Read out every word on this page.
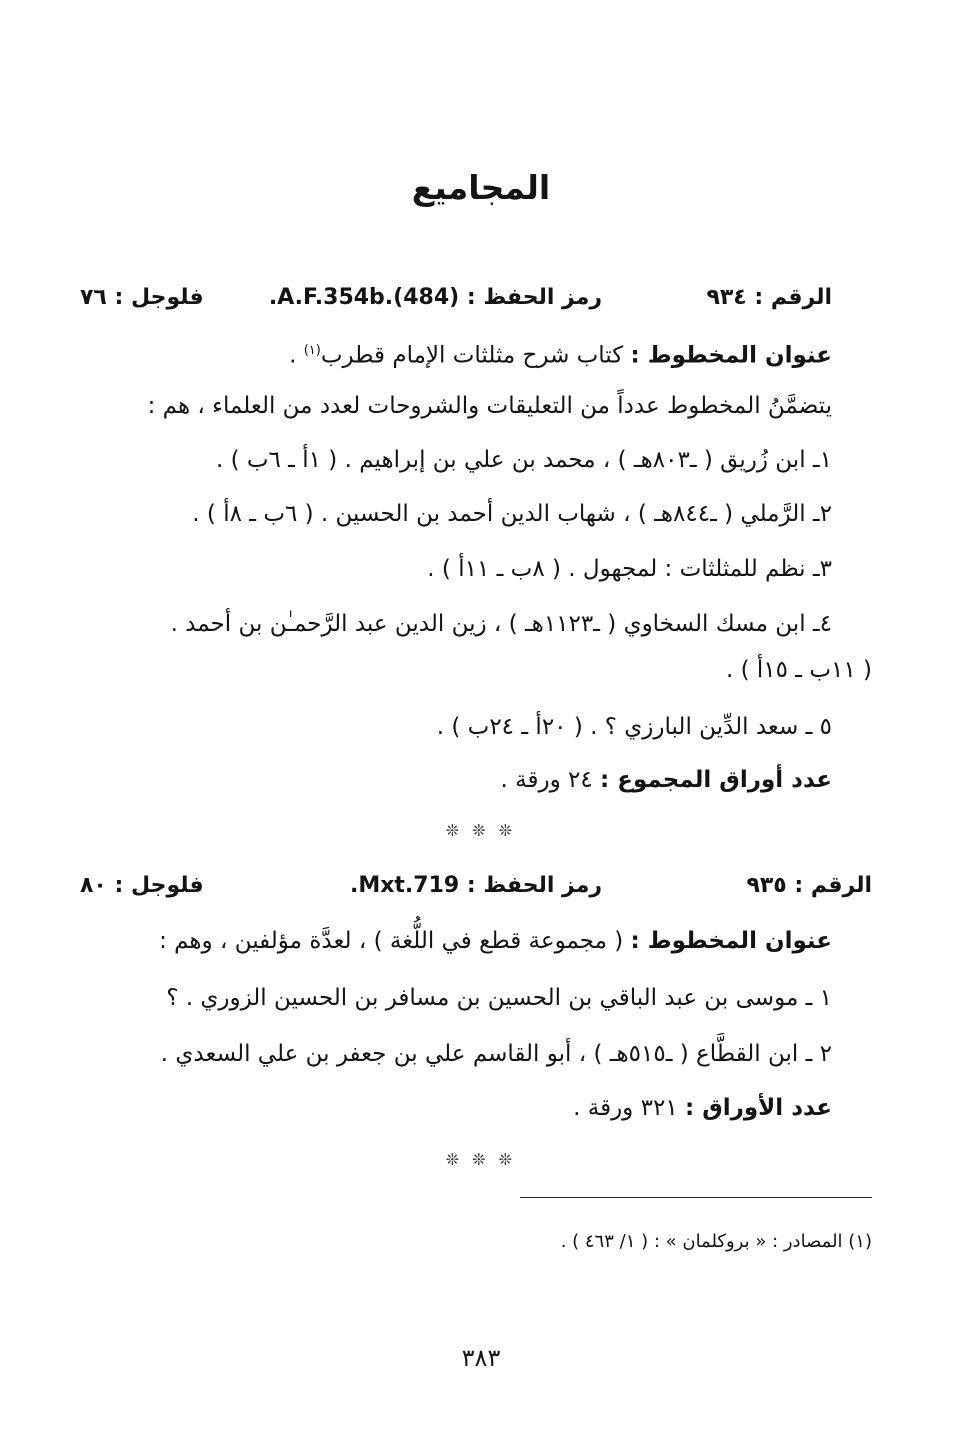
المجاميع
الرقم : ٩٣٤
رمز الحفظ : A.F.354b.(484).
فلوجل : ٧٦
عنوان المخطوط : كتاب شرح مثلثات الإمام قطرب$^{(١)}$ .
يتضمَّنُ المخطوط عدداً من التعليقات والشروحات لعدد من العلماء ، هم :
١ـ ابن زُريق ( ـ٨٠٣هـ ) ، محمد بن علي بن إبراهيم . ( ١أ ـ ٦ب ) .
٢ـ الرَّملي ( ـ٨٤٤هـ ) ، شهاب الدين أحمد بن الحسين . ( ٦ب ـ ٨أ ) .
٣ـ نظم للمثلثات : لمجهول . ( ٨ب ـ ١١أ ) .
٤ـ ابن مسك السخاوي ( ـ١١٢٣هـ ) ، زين الدين عبد الرَّحمـٰن بن أحمد .
( ١١ب ـ ١٥أ ) .
٥ ـ سعد الدِّين البارزي ؟ . ( ٢٠أ ـ ٢٤ب ) .
عدد أوراق المجموع : ٢٤ ورقة .
❊ ❊ ❊
الرقم : ٩٣٥
رمز الحفظ : Mxt.719.
فلوجل : ٨٠
عنوان المخطوط : ( مجموعة قطع في اللُّغة ) ، لعدَّة مؤلفين ، وهم :
١ ـ موسى بن عبد الباقي بن الحسين بن مسافر بن الحسين الزوري . ؟
٢ ـ ابن القطَّاع ( ـ٥١٥هـ ) ، أبو القاسم علي بن جعفر بن علي السعدي .
عدد الأوراق : ٣٢١ ورقة .
❊ ❊ ❊
(١) المصادر : « بروكلمان » : ( ١/ ٤٦٣ ) .
٣٨٣
